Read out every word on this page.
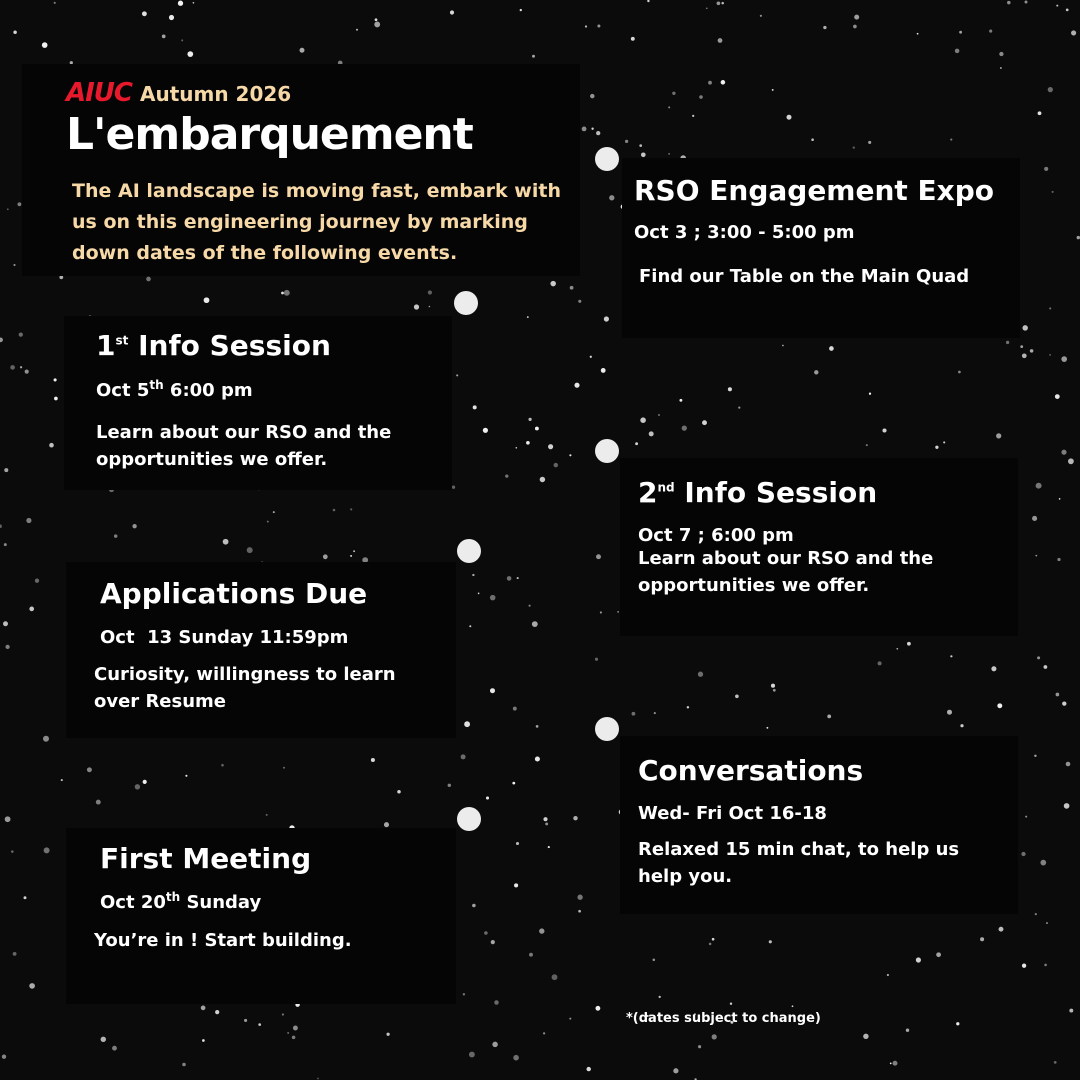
AIUC Autumn 2026
L'embarquement
The AI landscape is moving fast, embark with us on this engineering journey by marking down dates of the following events.
RSO Engagement Expo
Oct 3 ; 3:00 - 5:00 pm
Find our Table on the Main Quad
1st Info Session
Oct 5th 6:00 pm
Learn about our RSO and the opportunities we offer.
2nd Info Session
Oct 7 ; 6:00 pm
Learn about our RSO and the opportunities we offer.
Applications Due
Oct  13 Sunday 11:59pm
Curiosity, willingness to learn over Resume
Conversations
Wed- Fri Oct 16-18
Relaxed 15 min chat, to help us help you.
First Meeting
Oct 20th Sunday
You’re in ! Start building.
*(dates subject to change)
